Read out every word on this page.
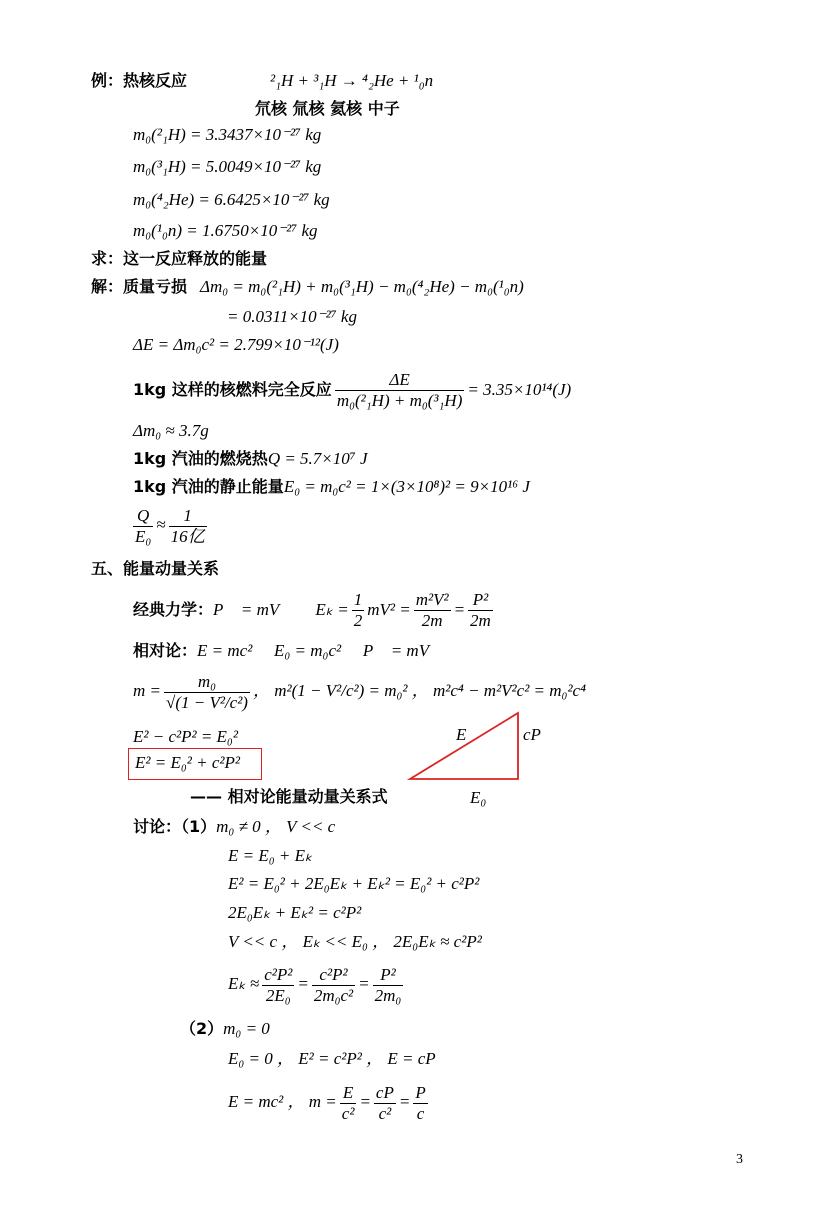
例：热核反应	²₁H + ³₁H → ⁴₂He + ¹₀n
氘核 氚核 氦核 中子
m₀(²₁H) = 3.3437×10⁻²⁷ kg
m₀(³₁H) = 5.0049×10⁻²⁷ kg
m₀(⁴₂He) = 6.6425×10⁻²⁷ kg
m₀(¹₀n) = 1.6750×10⁻²⁷ kg
求：这一反应释放的能量
解：质量亏损 Δm₀ = m₀(²₁H) + m₀(³₁H) − m₀(⁴₂He) − m₀(¹₀n)
= 0.0311×10⁻²⁷ kg
ΔE = Δm₀c² = 2.799×10⁻¹²(J)
1kg 这样的核燃料完全反应 $\frac{\Delta E}{\text{m₀(²₁H) + m₀(³₁H)}} = 3.35\times 10^{14}(J)$
Δm₀ ≈ 3.7g
1kg 汽油的燃烧热Q = 5.7×10⁷ J
1kg 汽油的静止能量E₀ = m₀c² = 1×(3×10⁸)² = 9×10¹⁶ J
$\frac{Q}{\text{E₀}} \approx \frac{1}{\text{16亿}}$
五、能量动量关系
经典力学：P⃗ = mV⃗ ， $E_k = \frac{1}{2} mV^2 = \frac{\text{m²V²}}{2m} = \frac{\text{P²}}{2m}$
相对论：E = mc² ， E₀ = m₀c² ， P⃗ = mV⃗
$m = \frac{\text{m₀}}{\text{√(1 − V²/c²)}}$ ， m²(1 − V²/c²) = m₀² ， m²c⁴ − m²V²c² = m₀²c⁴
E² − c²P² = E₀²
E² = E₀² + c²P²
—— 相对论能量动量关系式
E	cP
E₀
讨论：（1）m₀ ≠ 0 ， V << c
E = E₀ + Eₖ
E² = E₀² + 2E₀Eₖ + Eₖ² = E₀² + c²P²
2E₀Eₖ + Eₖ² = c²P²
V << c ， Eₖ << E₀ ， 2E₀Eₖ ≈ c²P²
$E_k \approx \frac{\text{c²P²}}{\text{2E₀}} = \frac{\text{c²P²}}{\text{2m₀c²}} = \frac{\text{P²}}{\text{2m₀}}$
（2）m₀ = 0
E₀ = 0 ， E² = c²P² ， E = cP
E = mc² ， $m = \frac{E}{\text{c²}} = \frac{cP}{\text{c²}} = \frac{P}{c}$
3
